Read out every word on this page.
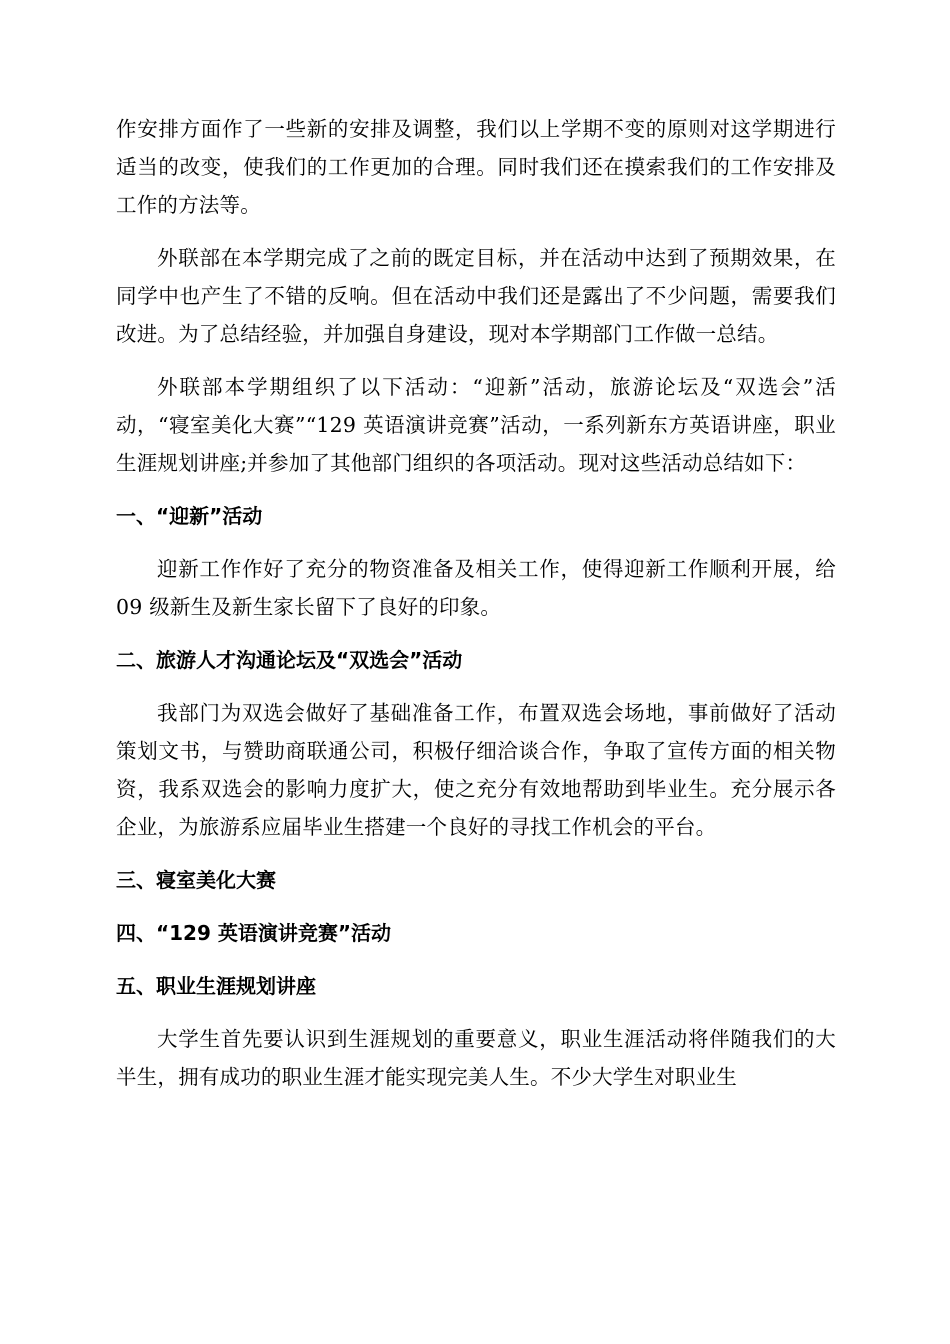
作安排方面作了一些新的安排及调整，我们以上学期不变的原则对这学期进行适当的改变，使我们的工作更加的合理。同时我们还在摸索我们的工作安排及工作的方法等。

外联部在本学期完成了之前的既定目标，并在活动中达到了预期效果，在同学中也产生了不错的反响。但在活动中我们还是露出了不少问题，需要我们改进。为了总结经验，并加强自身建设，现对本学期部门工作做一总结。

外联部本学期组织了以下活动：“迎新”活动，旅游论坛及“双选会”活动，“寝室美化大赛”“129 英语演讲竞赛”活动，一系列新东方英语讲座，职业生涯规划讲座;并参加了其他部门组织的各项活动。现对这些活动总结如下：

一、“迎新”活动

迎新工作作好了充分的物资准备及相关工作，使得迎新工作顺利开展，给 09 级新生及新生家长留下了良好的印象。

二、旅游人才沟通论坛及“双选会”活动

我部门为双选会做好了基础准备工作，布置双选会场地，事前做好了活动策划文书，与赞助商联通公司，积极仔细洽谈合作，争取了宣传方面的相关物资，我系双选会的影响力度扩大，使之充分有效地帮助到毕业生。充分展示各企业，为旅游系应届毕业生搭建一个良好的寻找工作机会的平台。

三、寝室美化大赛
四、“129 英语演讲竞赛”活动
五、职业生涯规划讲座

大学生首先要认识到生涯规划的重要意义，职业生涯活动将伴随我们的大半生，拥有成功的职业生涯才能实现完美人生。不少大学生对职业生
